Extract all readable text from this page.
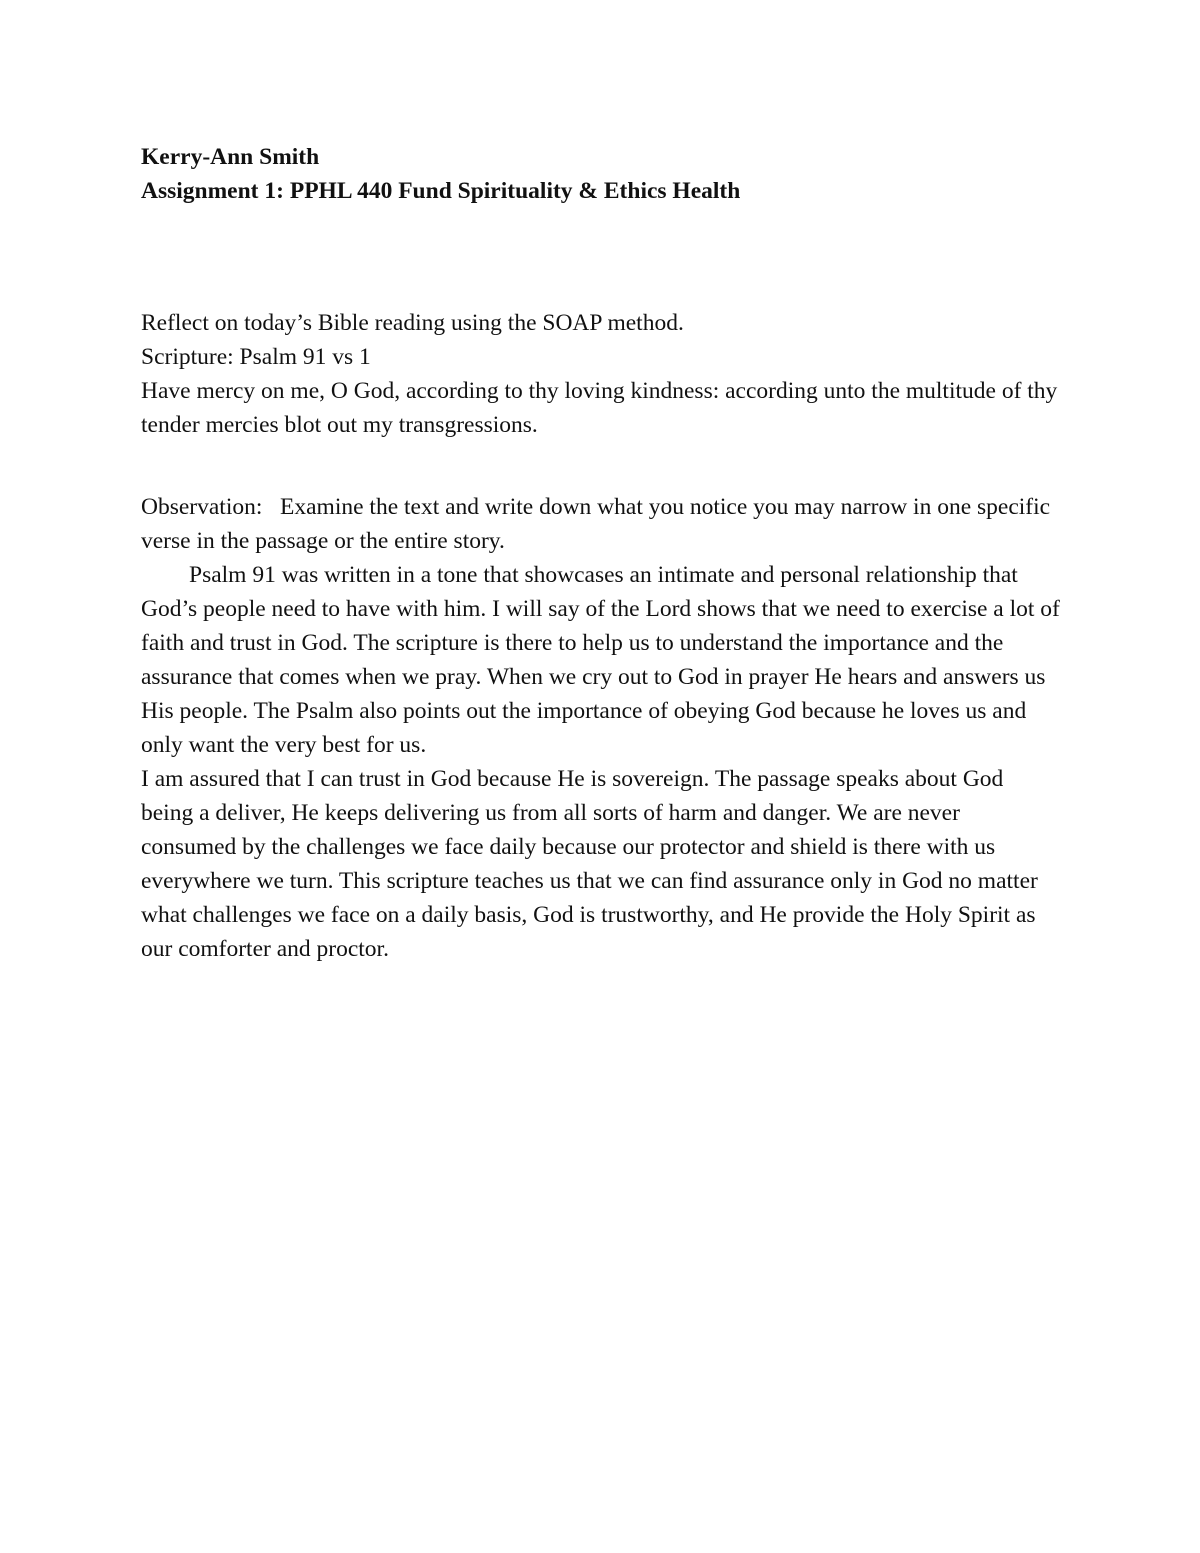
Kerry-Ann Smith

Assignment 1: PPHL 440 Fund Spirituality & Ethics Health

Reflect on today’s Bible reading using the SOAP method.

Scripture: Psalm 91 vs 1

Have mercy on me, O God, according to thy loving kindness: according unto the multitude of thy tender mercies blot out my transgressions.

Observation:   Examine the text and write down what you notice you may narrow in one specific verse in the passage or the entire story.

Psalm 91 was written in a tone that showcases an intimate and personal relationship that God’s people need to have with him. I will say of the Lord shows that we need to exercise a lot of faith and trust in God. The scripture is there to help us to understand the importance and the assurance that comes when we pray. When we cry out to God in prayer He hears and answers us His people. The Psalm also points out the importance of obeying God because he loves us and only want the very best for us.

I am assured that I can trust in God because He is sovereign. The passage speaks about God being a deliver, He keeps delivering us from all sorts of harm and danger. We are never consumed by the challenges we face daily because our protector and shield is there with us everywhere we turn. This scripture teaches us that we can find assurance only in God no matter what challenges we face on a daily basis, God is trustworthy, and He provide the Holy Spirit as our comforter and proctor.
